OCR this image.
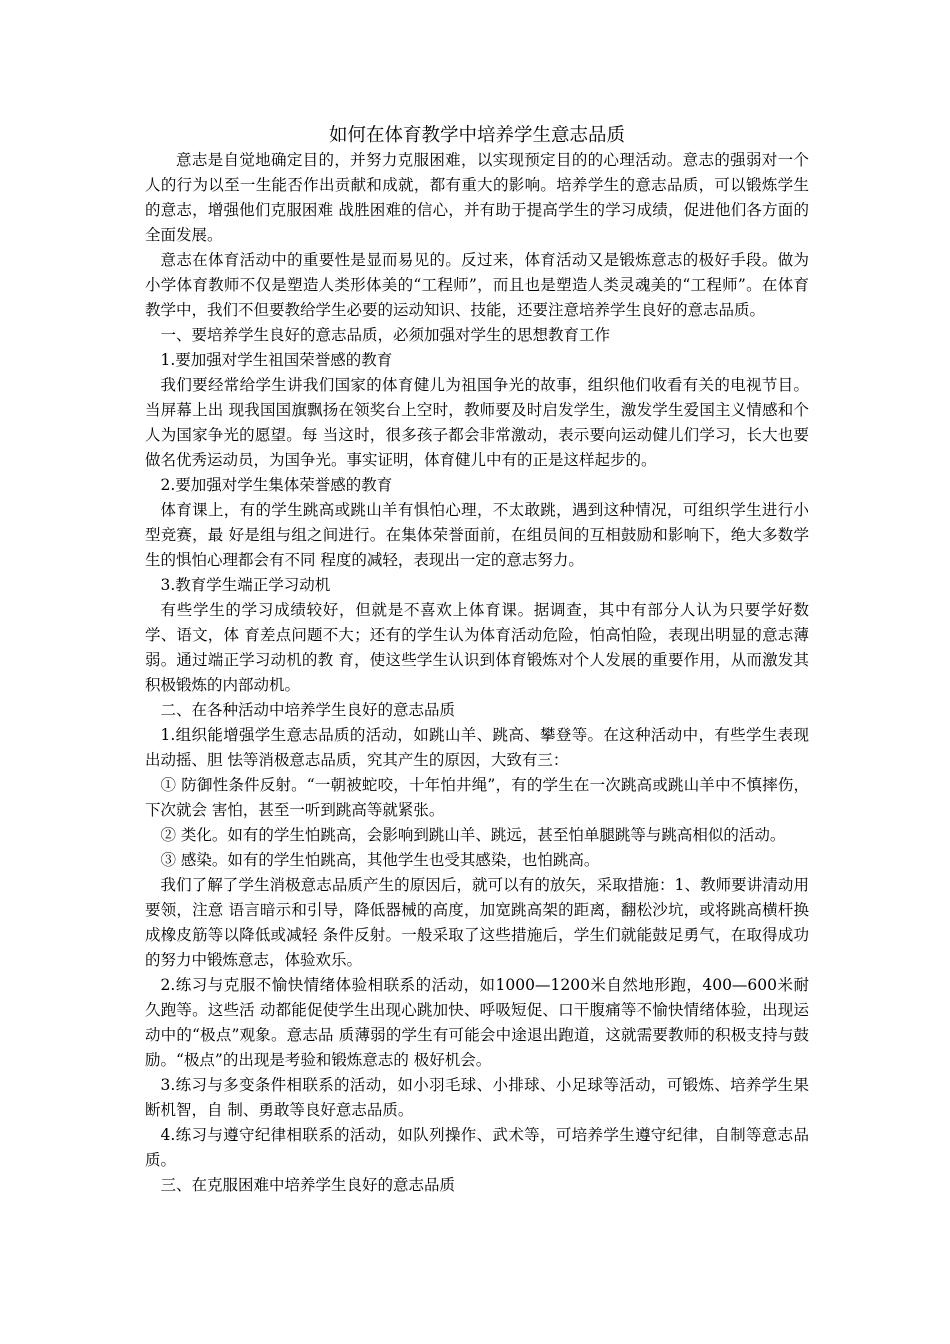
如何在体育教学中培养学生意志品质

意志是自觉地确定目的，并努力克服困难，以实现预定目的的心理活动。意志的强弱对一个人的行为以至一生能否作出贡献和成就，都有重大的影响。培养学生的意志品质，可以锻炼学生的意志，增强他们克服困难 战胜困难的信心，并有助于提高学生的学习成绩，促进他们各方面的全面发展。

意志在体育活动中的重要性是显而易见的。反过来，体育活动又是锻炼意志的极好手段。做为小学体育教师不仅是塑造人类形体美的“工程师”，而且也是塑造人类灵魂美的“工程师”。在体育 教学中，我们不但要教给学生必要的运动知识、技能，还要注意培养学生良好的意志品质。

一、要培养学生良好的意志品质，必须加强对学生的思想教育工作

1.要加强对学生祖国荣誉感的教育

我们要经常给学生讲我们国家的体育健儿为祖国争光的故事，组织他们收看有关的电视节目。当屏幕上出 现我国国旗飘扬在领奖台上空时，教师要及时启发学生，激发学生爱国主义情感和个人为国家争光的愿望。每 当这时，很多孩子都会非常激动，表示要向运动健儿们学习，长大也要做名优秀运动员，为国争光。事实证明，体育健儿中有的正是这样起步的。

2.要加强对学生集体荣誉感的教育

体育课上，有的学生跳高或跳山羊有惧怕心理，不太敢跳，遇到这种情况，可组织学生进行小型竞赛，最 好是组与组之间进行。在集体荣誉面前，在组员间的互相鼓励和影响下，绝大多数学生的惧怕心理都会有不同 程度的减轻，表现出一定的意志努力。

3.教育学生端正学习动机

有些学生的学习成绩较好，但就是不喜欢上体育课。据调查，其中有部分人认为只要学好数学、语文，体 育差点问题不大；还有的学生认为体育活动危险，怕高怕险，表现出明显的意志薄弱。通过端正学习动机的教 育，使这些学生认识到体育锻炼对个人发展的重要作用，从而激发其积极锻炼的内部动机。

二、在各种活动中培养学生良好的意志品质

1.组织能增强学生意志品质的活动，如跳山羊、跳高、攀登等。在这种活动中，有些学生表现出动摇、胆 怯等消极意志品质，究其产生的原因，大致有三：

① 防御性条件反射。“一朝被蛇咬，十年怕井绳”，有的学生在一次跳高或跳山羊中不慎摔伤，下次就会 害怕，甚至一听到跳高等就紧张。

② 类化。如有的学生怕跳高，会影响到跳山羊、跳远，甚至怕单腿跳等与跳高相似的活动。

③ 感染。如有的学生怕跳高，其他学生也受其感染，也怕跳高。

我们了解了学生消极意志品质产生的原因后，就可以有的放矢，采取措施：1、教师要讲清动用要领，注意 语言暗示和引导，降低器械的高度，加宽跳高架的距离，翻松沙坑，或将跳高横杆换成橡皮筋等以降低或减轻 条件反射。一般采取了这些措施后，学生们就能鼓足勇气，在取得成功的努力中锻炼意志，体验欢乐。

2.练习与克服不愉快情绪体验相联系的活动，如1000—1200米自然地形跑，400—600米耐久跑等。这些活 动都能促使学生出现心跳加快、呼吸短促、口干腹痛等不愉快情绪体验，出现运动中的“极点”观象。意志品 质薄弱的学生有可能会中途退出跑道，这就需要教师的积极支持与鼓励。“极点”的出现是考验和锻炼意志的 极好机会。

3.练习与多变条件相联系的活动，如小羽毛球、小排球、小足球等活动，可锻炼、培养学生果断机智，自 制、勇敢等良好意志品质。

4.练习与遵守纪律相联系的活动，如队列操作、武术等，可培养学生遵守纪律，自制等意志品质。

三、在克服困难中培养学生良好的意志品质
